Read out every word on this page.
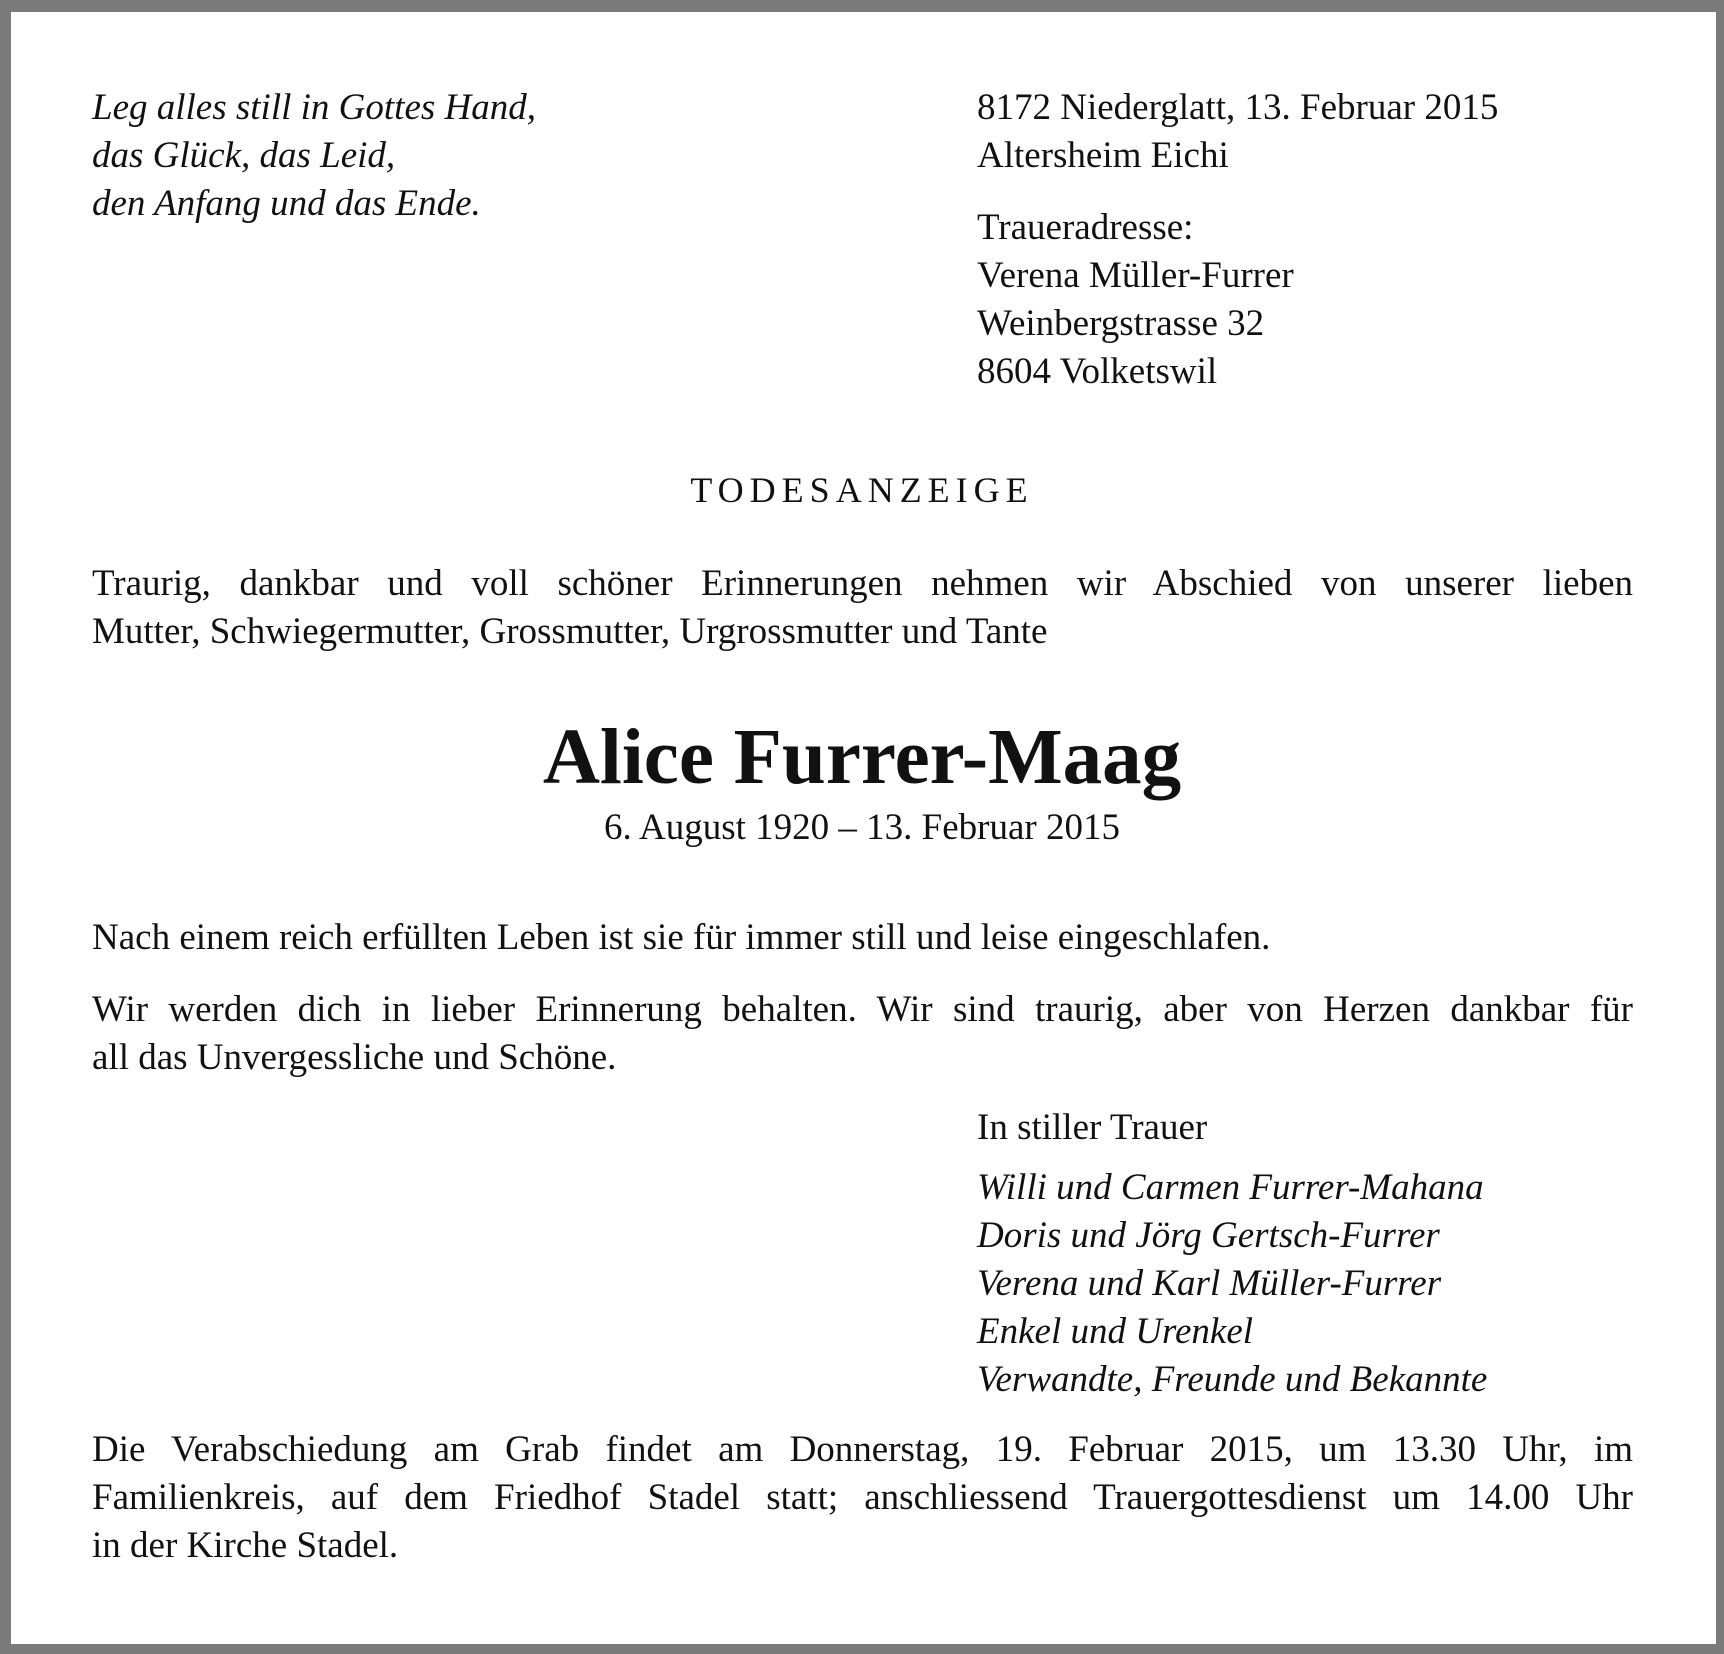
Leg alles still in Gottes Hand,
das Glück, das Leid,
den Anfang und das Ende.
8172 Niederglatt, 13. Februar 2015
Altersheim Eichi
Traueradresse:
Verena Müller-Furrer
Weinbergstrasse 32
8604 Volketswil
TODESANZEIGE
Traurig, dankbar und voll schöner Erinnerungen nehmen wir Abschied von unserer lieben
Mutter, Schwiegermutter, Grossmutter, Urgrossmutter und Tante
Alice Furrer-Maag
6. August 1920 – 13. Februar 2015
Nach einem reich erfüllten Leben ist sie für immer still und leise eingeschlafen.
Wir werden dich in lieber Erinnerung behalten. Wir sind traurig, aber von Herzen dankbar für
all das Unvergessliche und Schöne.
In stiller Trauer
Willi und Carmen Furrer-Mahana
Doris und Jörg Gertsch-Furrer
Verena und Karl Müller-Furrer
Enkel und Urenkel
Verwandte, Freunde und Bekannte
Die Verabschiedung am Grab findet am Donnerstag, 19. Februar 2015, um 13.30 Uhr, im
Familienkreis, auf dem Friedhof Stadel statt; anschliessend Trauergottesdienst um 14.00 Uhr
in der Kirche Stadel.
